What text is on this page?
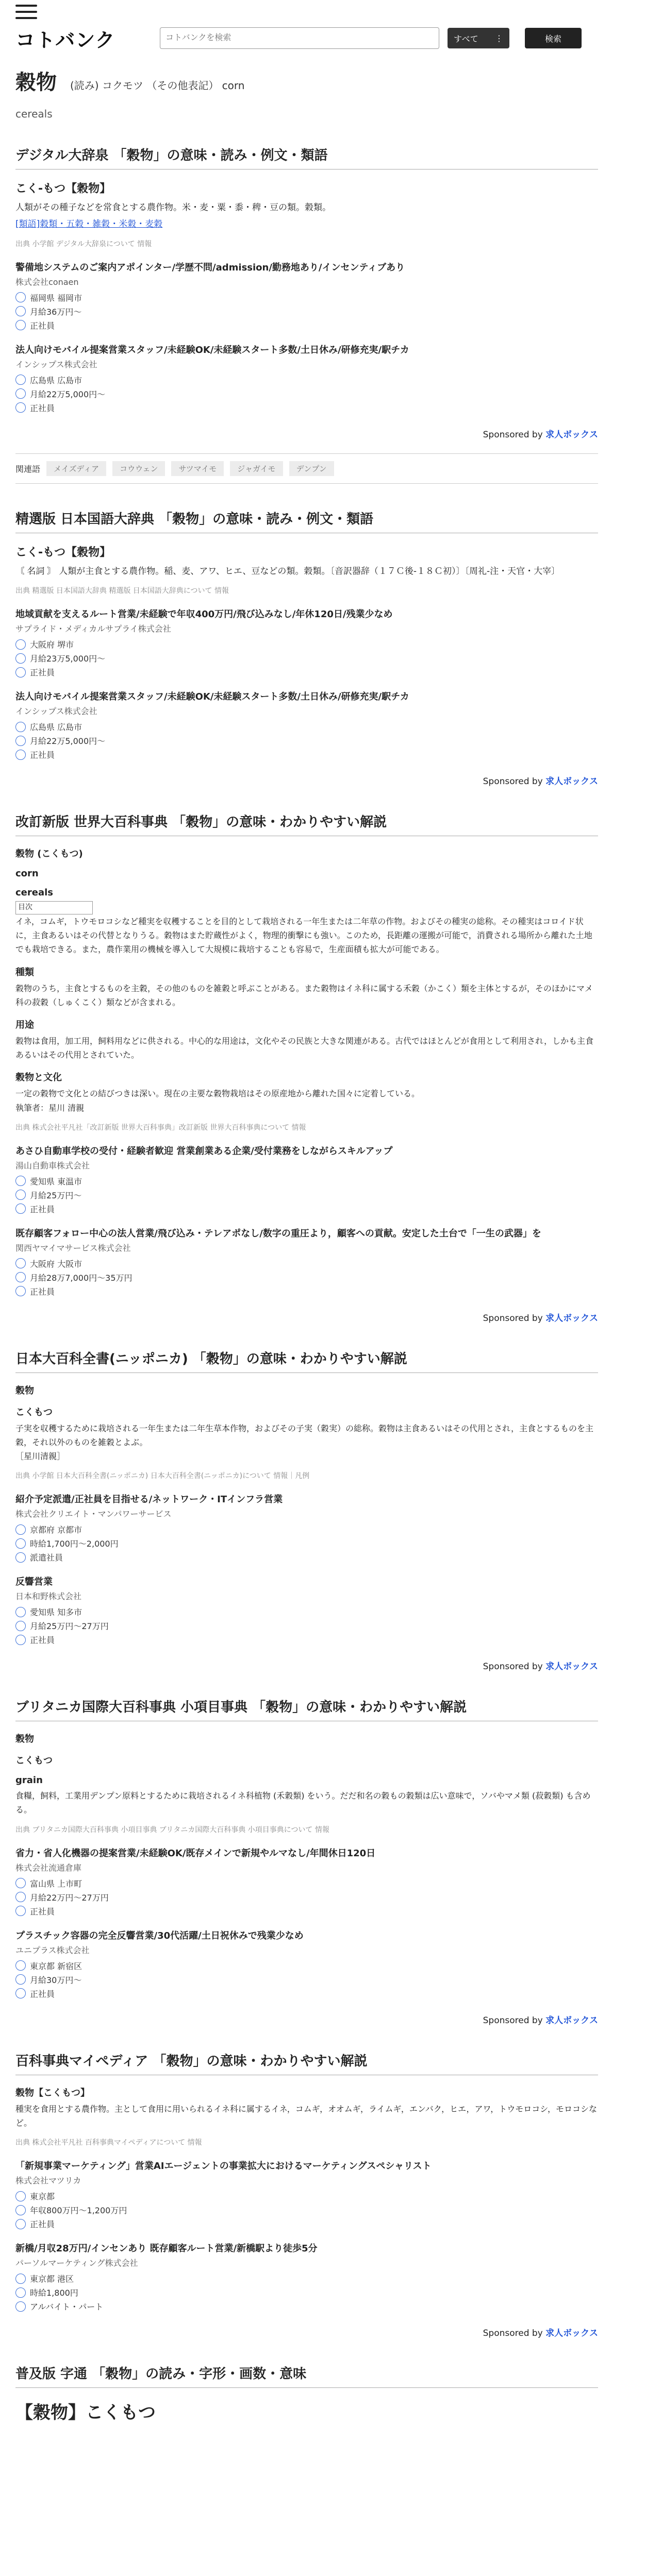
コトバンク
コトバンクを検索	すべて ⋮	検索
穀物 (読み) コクモツ （その他表記） corn
cereals
デジタル大辞泉 「穀物」の意味・読み・例文・類語
こく‐もつ【穀物】
人類がその種子などを常食とする農作物。米・麦・粟・黍・稗・豆の類。穀類。
[類語]穀類・五穀・雑穀・米穀・麦穀
出典 小学館 デジタル大辞泉について 情報
警備地システムのご案内アポインター/学歴不問/admission/勤務地あり/インセンティブあり
株式会社conaen
福岡県 福岡市
月給36万円～
正社員
法人向けモバイル提案営業スタッフ/未経験OK/未経験スタート多数/土日休み/研修充実/駅チカ
インシップス株式会社
広島県 広島市
月給22万5,000円～
正社員
Sponsored by 求人ボックス
関連語	メイズディア	コウウェン	サツマイモ	ジャガイモ	デンプン
精選版 日本国語大辞典 「穀物」の意味・読み・例文・類語
こく‐もつ【穀物】
〘 名詞 〙 人類が主食とする農作物。稲、麦、アワ、ヒエ、豆などの類。穀類。〔音訳器辞（１７Ｃ後‐１８Ｃ初）〕〔周礼‐注・天官・大宰〕
出典 精選版 日本国語大辞典 精選版 日本国語大辞典について 情報
地域貢献を支えるルート営業/未経験で年収400万円/飛び込みなし/年休120日/残業少なめ
サプライド・メディカルサプライ株式会社
大阪府 堺市
月給23万5,000円～
正社員
法人向けモバイル提案営業スタッフ/未経験OK/未経験スタート多数/土日休み/研修充実/駅チカ
インシップス株式会社
広島県 広島市
月給22万5,000円～
正社員
Sponsored by 求人ボックス
改訂新版 世界大百科事典 「穀物」の意味・わかりやすい解説
穀物 (こくもつ)
corn
cereals
目次
イネ，コムギ，トウモロコシなど種実を収穫することを目的として栽培される一年生または二年草の作物。およびその種実の総称。その種実はコロイド状に，主食あるいはその代替となりうる。穀物はまた貯蔵性がよく，物理的衝撃にも強い。このため，長距離の運搬が可能で，消費される場所から離れた土地でも栽培できる。また，農作業用の機械を導入して大規模に栽培することも容易で，生産面積も拡大が可能である。
種類
穀物のうち，主食とするものを主穀，その他のものを雑穀と呼ぶことがある。また穀物はイネ科に属する禾穀（かこく）類を主体とするが，そのほかにマメ科の菽穀（しゅくこく）類などが含まれる。
用途
穀物は食用，加工用，飼料用などに供される。中心的な用途は，文化やその民族と大きな関連がある。古代ではほとんどが食用として利用され，しかも主食あるいはその代用とされていた。
穀物と文化
一定の穀物で文化との結びつきは深い。現在の主要な穀物栽培はその原産地から離れた国々に定着している。
執筆者：星川 清親
出典 株式会社平凡社「改訂新版 世界大百科事典」改訂新版 世界大百科事典について 情報
あさひ自動車学校の受付・経験者歓迎 営業創業ある企業/受付業務をしながらスキルアップ
湯山自動車株式会社
愛知県 東温市
月給25万円～
正社員
既存顧客フォロー中心の法人営業/飛び込み・テレアポなし/数字の重圧より，顧客への貢献。安定した土台で「一生の武器」を
関西ヤマイマサービス株式会社
大阪府 大阪市
月給28万7,000円～35万円
正社員
Sponsored by 求人ボックス
日本大百科全書(ニッポニカ) 「穀物」の意味・わかりやすい解説
穀物
こくもつ
子実を収穫するために栽培される一年生または二年生草本作物，およびその子実（穀実）の総称。穀物は主食あるいはその代用とされ，主食とするものを主穀，それ以外のものを雑穀とよぶ。
［星川清親］
出典 小学館 日本大百科全書(ニッポニカ) 日本大百科全書(ニッポニカ)について 情報｜凡例
紹介予定派遣/正社員を目指せる/ネットワーク・ITインフラ営業
株式会社クリエイト・マンパワーサービス
京都府 京都市
時給1,700円～2,000円
派遣社員
反響営業
日本和野株式会社
愛知県 知多市
月給25万円～27万円
正社員
Sponsored by 求人ボックス
ブリタニカ国際大百科事典 小項目事典 「穀物」の意味・わかりやすい解説
穀物
こくもつ
grain
食糧，飼料，工業用デンプン原料とするために栽培されるイネ科植物 (禾穀類) をいう。だだ和名の穀もの穀類は広い意味で，ソバやマメ類 (菽穀類) も含める。
出典 ブリタニカ国際大百科事典 小項目事典 ブリタニカ国際大百科事典 小項目事典について 情報
省力・省人化機器の提案営業/未経験OK/既存メインで新規やルマなし/年間休日120日
株式会社流通倉庫
富山県 上市町
月給22万円～27万円
正社員
プラスチック容器の完全反響営業/30代活躍/土日祝休みで残業少なめ
ユニプラス株式会社
東京都 新宿区
月給30万円～
正社員
Sponsored by 求人ボックス
百科事典マイペディア 「穀物」の意味・わかりやすい解説
穀物【こくもつ】
種実を食用とする農作物。主として食用に用いられるイネ科に属するイネ，コムギ，オオムギ，ライムギ，エンバク，ヒエ，アワ，トウモロコシ，モロコシなど。
出典 株式会社平凡社 百科事典マイペディアについて 情報
「新規事業マーケティング」営業AIエージェントの事業拡大におけるマーケティングスペシャリスト
株式会社マツリカ
東京都
年収800万円～1,200万円
正社員
新橋/月収28万円/インセンあり 既存顧客ルート営業/新橋駅より徒歩5分
パーソルマーケティング株式会社
東京都 港区
時給1,800円
アルバイト・パート
Sponsored by 求人ボックス
普及版 字通 「穀物」の読み・字形・画数・意味
【穀物】こくもつ
